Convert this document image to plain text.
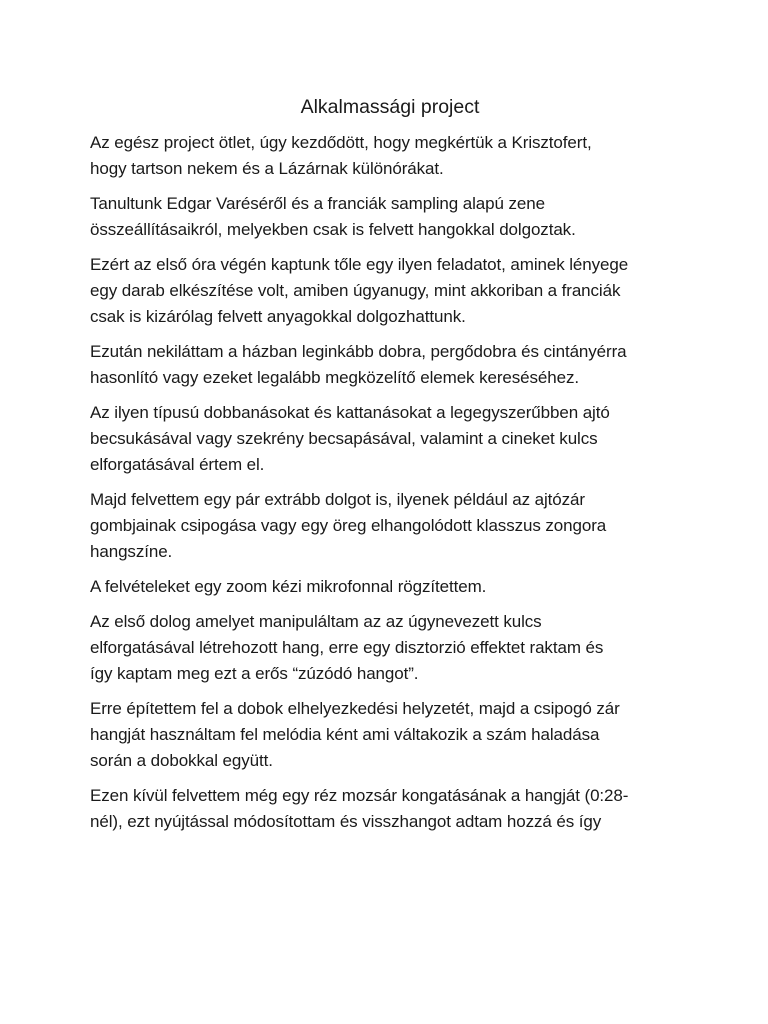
Alkalmassági project

Az egész project ötlet, úgy kezdődött, hogy megkértük a Krisztofert,
hogy tartson nekem és a Lázárnak különórákat.

Tanultunk Edgar Varéséről és a franciák sampling alapú zene
összeállításaikról, melyekben csak is felvett hangokkal dolgoztak.

Ezért az első óra végén kaptunk tőle egy ilyen feladatot, aminek lényege
egy darab elkészítése volt, amiben úgyanugy, mint akkoriban a franciák
csak is kizárólag felvett anyagokkal dolgozhattunk.

Ezután nekiláttam a házban leginkább dobra, pergődobra és cintányérra
hasonlító vagy ezeket legalább megközelítő elemek kereséséhez.

Az ilyen típusú dobbanásokat és kattanásokat a legegyszerűbben ajtó
becsukásával vagy szekrény becsapásával, valamint a cineket kulcs
elforgatásával értem el.

Majd felvettem egy pár extrább dolgot is, ilyenek például az ajtózár
gombjainak csipogása vagy egy öreg elhangolódott klasszus zongora
hangszíne.

A felvételeket egy zoom kézi mikrofonnal rögzítettem.

Az első dolog amelyet manipuláltam az az úgynevezett kulcs
elforgatásával létrehozott hang, erre egy disztorzió effektet raktam és
így kaptam meg ezt a erős “zúzódó hangot”.

Erre építettem fel a dobok elhelyezkedési helyzetét, majd a csipogó zár
hangját használtam fel melódia ként ami váltakozik a szám haladása
során a dobokkal együtt.

Ezen kívül felvettem még egy réz mozsár kongatásának a hangját (0:28-
nél), ezt nyújtással módosítottam és visszhangot adtam hozzá és így
